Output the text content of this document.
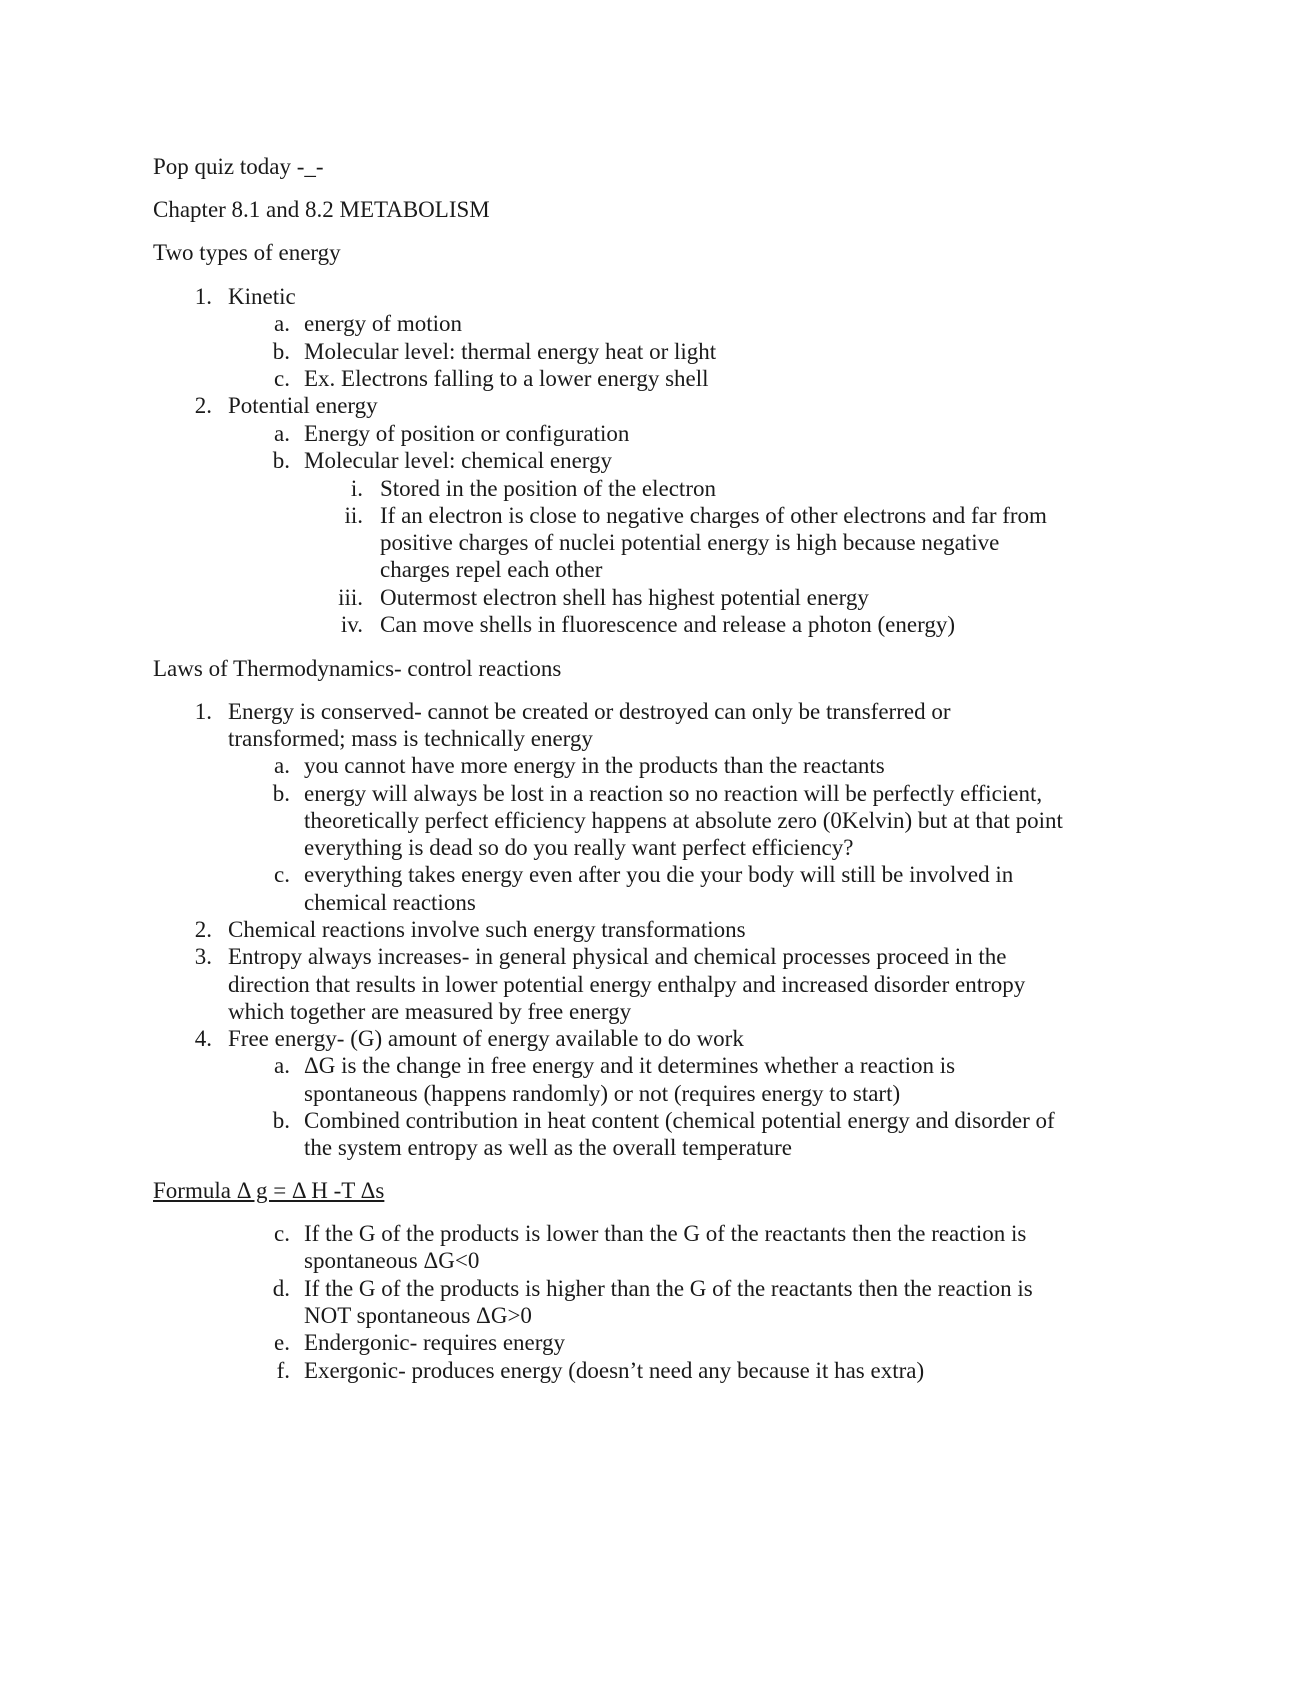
Pop quiz today -_-
Chapter 8.1 and 8.2 METABOLISM
Two types of energy
1. Kinetic
a. energy of motion
b. Molecular level: thermal energy heat or light
c. Ex. Electrons falling to a lower energy shell
2. Potential energy
a. Energy of position or configuration
b. Molecular level: chemical energy
i. Stored in the position of the electron
ii. If an electron is close to negative charges of other electrons and far from
positive charges of nuclei potential energy is high because negative
charges repel each other
iii. Outermost electron shell has highest potential energy
iv. Can move shells in fluorescence and release a photon (energy)
Laws of Thermodynamics- control reactions
1. Energy is conserved- cannot be created or destroyed can only be transferred or
transformed; mass is technically energy
a. you cannot have more energy in the products than the reactants
b. energy will always be lost in a reaction so no reaction will be perfectly efficient,
theoretically perfect efficiency happens at absolute zero (0Kelvin) but at that point
everything is dead so do you really want perfect efficiency?
c. everything takes energy even after you die your body will still be involved in
chemical reactions
2. Chemical reactions involve such energy transformations
3. Entropy always increases- in general physical and chemical processes proceed in the
direction that results in lower potential energy enthalpy and increased disorder entropy
which together are measured by free energy
4. Free energy- (G) amount of energy available to do work
a. ΔG is the change in free energy and it determines whether a reaction is
spontaneous (happens randomly) or not (requires energy to start)
b. Combined contribution in heat content (chemical potential energy and disorder of
the system entropy as well as the overall temperature
Formula Δ g = Δ H -T Δs
c. If the G of the products is lower than the G of the reactants then the reaction is
spontaneous ΔG<0
d. If the G of the products is higher than the G of the reactants then the reaction is
NOT spontaneous ΔG>0
e. Endergonic- requires energy
f. Exergonic- produces energy (doesn’t need any because it has extra)
